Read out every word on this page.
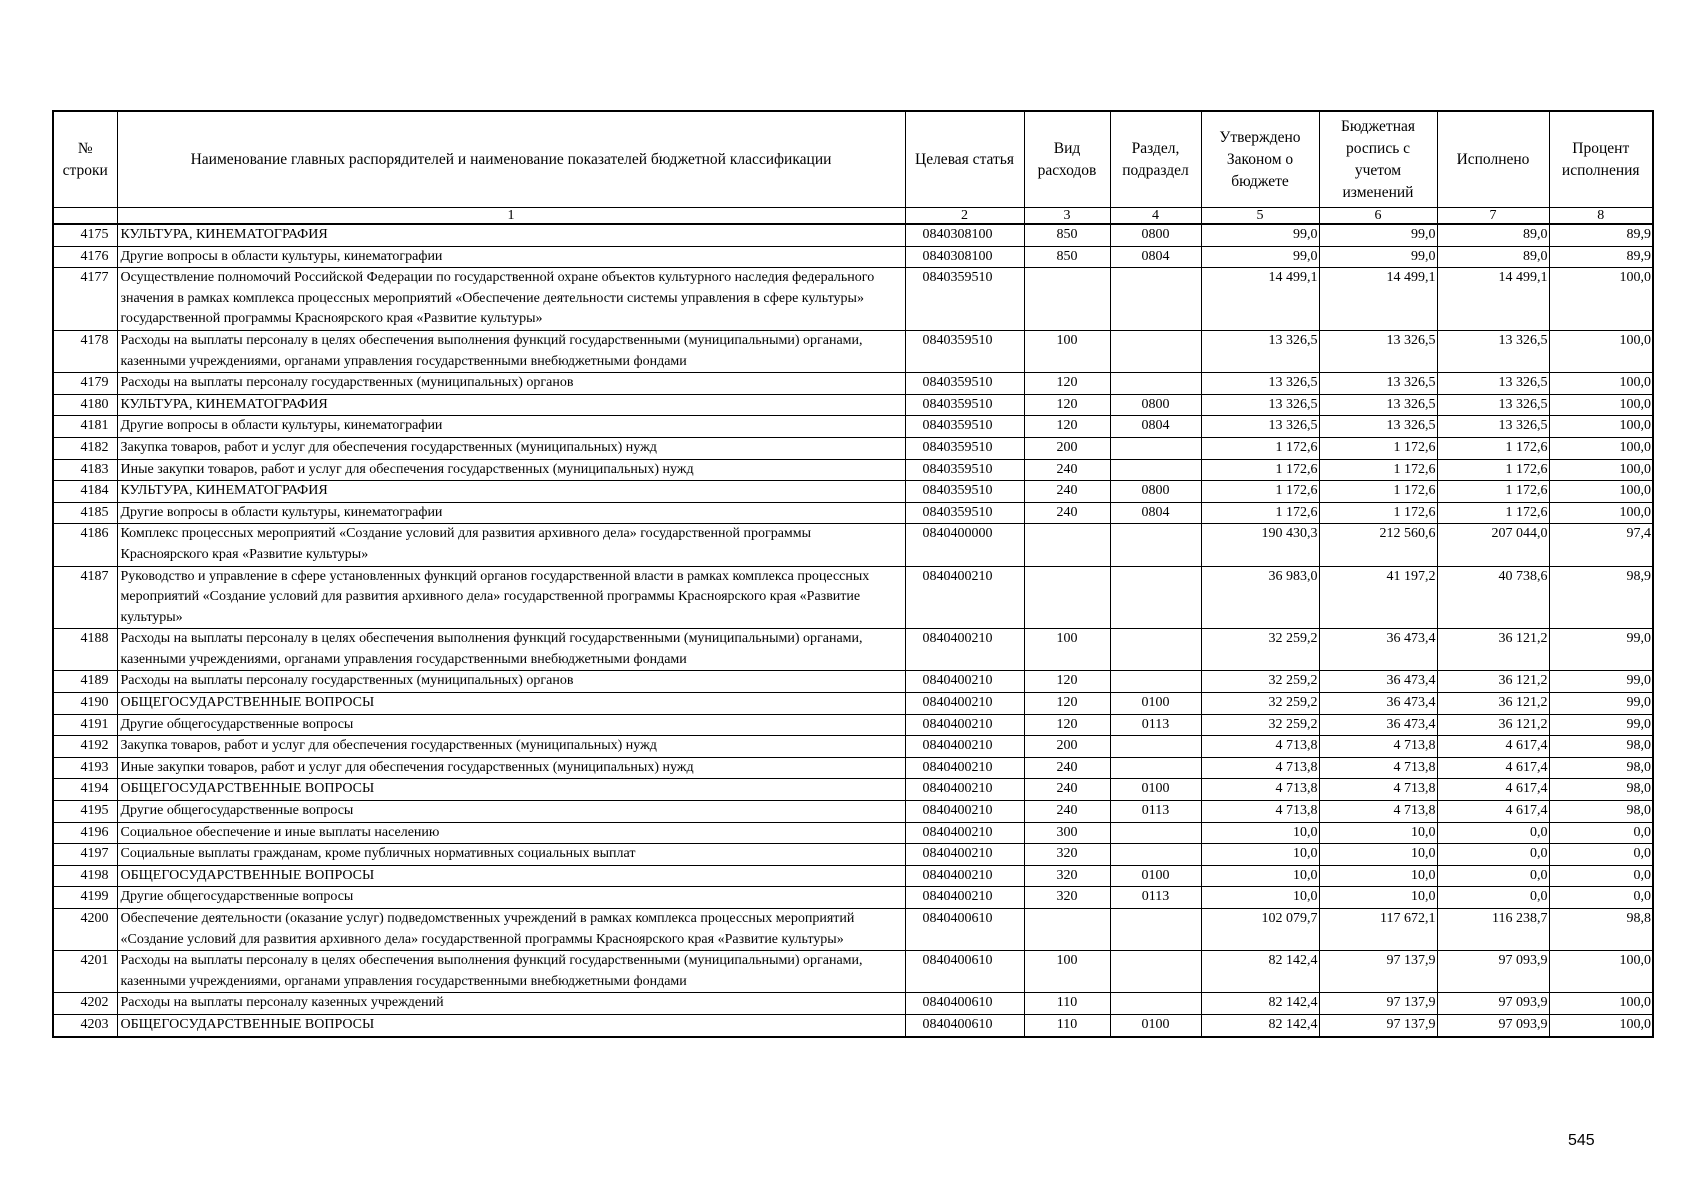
№ строки	Наименование главных распорядителей и наименование показателей бюджетной классификации	Целевая статья	Вид расходов	Раздел, подраздел	Утверждено Законом о бюджете	Бюджетная роспись с учетом изменений	Исполнено	Процент исполнения
	1	2	3	4	5	6	7	8
4175	КУЛЬТУРА, КИНЕМАТОГРАФИЯ	0840308100	850	0800	99,0	99,0	89,0	89,9
4176	Другие вопросы в области культуры, кинематографии	0840308100	850	0804	99,0	99,0	89,0	89,9
4177	Осуществление полномочий Российской Федерации по государственной охране объектов культурного наследия федерального значения в рамках комплекса процессных мероприятий «Обеспечение деятельности системы управления в сфере культуры» государственной программы Красноярского края «Развитие культуры»	0840359510			14 499,1	14 499,1	14 499,1	100,0
4178	Расходы на выплаты персоналу в целях обеспечения выполнения функций государственными (муниципальными) органами, казенными учреждениями, органами управления государственными внебюджетными фондами	0840359510	100		13 326,5	13 326,5	13 326,5	100,0
4179	Расходы на выплаты персоналу государственных (муниципальных) органов	0840359510	120		13 326,5	13 326,5	13 326,5	100,0
4180	КУЛЬТУРА, КИНЕМАТОГРАФИЯ	0840359510	120	0800	13 326,5	13 326,5	13 326,5	100,0
4181	Другие вопросы в области культуры, кинематографии	0840359510	120	0804	13 326,5	13 326,5	13 326,5	100,0
4182	Закупка товаров, работ и услуг для обеспечения государственных (муниципальных) нужд	0840359510	200		1 172,6	1 172,6	1 172,6	100,0
4183	Иные закупки товаров, работ и услуг для обеспечения государственных (муниципальных) нужд	0840359510	240		1 172,6	1 172,6	1 172,6	100,0
4184	КУЛЬТУРА, КИНЕМАТОГРАФИЯ	0840359510	240	0800	1 172,6	1 172,6	1 172,6	100,0
4185	Другие вопросы в области культуры, кинематографии	0840359510	240	0804	1 172,6	1 172,6	1 172,6	100,0
4186	Комплекс процессных мероприятий «Создание условий для развития архивного дела» государственной программы Красноярского края «Развитие культуры»	0840400000			190 430,3	212 560,6	207 044,0	97,4
4187	Руководство и управление в сфере установленных функций органов государственной власти в рамках комплекса процессных мероприятий «Создание условий для развития архивного дела» государственной программы Красноярского края «Развитие культуры»	0840400210			36 983,0	41 197,2	40 738,6	98,9
4188	Расходы на выплаты персоналу в целях обеспечения выполнения функций государственными (муниципальными) органами, казенными учреждениями, органами управления государственными внебюджетными фондами	0840400210	100		32 259,2	36 473,4	36 121,2	99,0
4189	Расходы на выплаты персоналу государственных (муниципальных) органов	0840400210	120		32 259,2	36 473,4	36 121,2	99,0
4190	ОБЩЕГОСУДАРСТВЕННЫЕ ВОПРОСЫ	0840400210	120	0100	32 259,2	36 473,4	36 121,2	99,0
4191	Другие общегосударственные вопросы	0840400210	120	0113	32 259,2	36 473,4	36 121,2	99,0
4192	Закупка товаров, работ и услуг для обеспечения государственных (муниципальных) нужд	0840400210	200		4 713,8	4 713,8	4 617,4	98,0
4193	Иные закупки товаров, работ и услуг для обеспечения государственных (муниципальных) нужд	0840400210	240		4 713,8	4 713,8	4 617,4	98,0
4194	ОБЩЕГОСУДАРСТВЕННЫЕ ВОПРОСЫ	0840400210	240	0100	4 713,8	4 713,8	4 617,4	98,0
4195	Другие общегосударственные вопросы	0840400210	240	0113	4 713,8	4 713,8	4 617,4	98,0
4196	Социальное обеспечение и иные выплаты населению	0840400210	300		10,0	10,0	0,0	0,0
4197	Социальные выплаты гражданам, кроме публичных нормативных социальных выплат	0840400210	320		10,0	10,0	0,0	0,0
4198	ОБЩЕГОСУДАРСТВЕННЫЕ ВОПРОСЫ	0840400210	320	0100	10,0	10,0	0,0	0,0
4199	Другие общегосударственные вопросы	0840400210	320	0113	10,0	10,0	0,0	0,0
4200	Обеспечение деятельности (оказание услуг) подведомственных учреждений в рамках комплекса процессных мероприятий «Создание условий для развития архивного дела» государственной программы Красноярского края «Развитие культуры»	0840400610			102 079,7	117 672,1	116 238,7	98,8
4201	Расходы на выплаты персоналу в целях обеспечения выполнения функций государственными (муниципальными) органами, казенными учреждениями, органами управления государственными внебюджетными фондами	0840400610	100		82 142,4	97 137,9	97 093,9	100,0
4202	Расходы на выплаты персоналу казенных учреждений	0840400610	110		82 142,4	97 137,9	97 093,9	100,0
4203	ОБЩЕГОСУДАРСТВЕННЫЕ ВОПРОСЫ	0840400610	110	0100	82 142,4	97 137,9	97 093,9	100,0
545
